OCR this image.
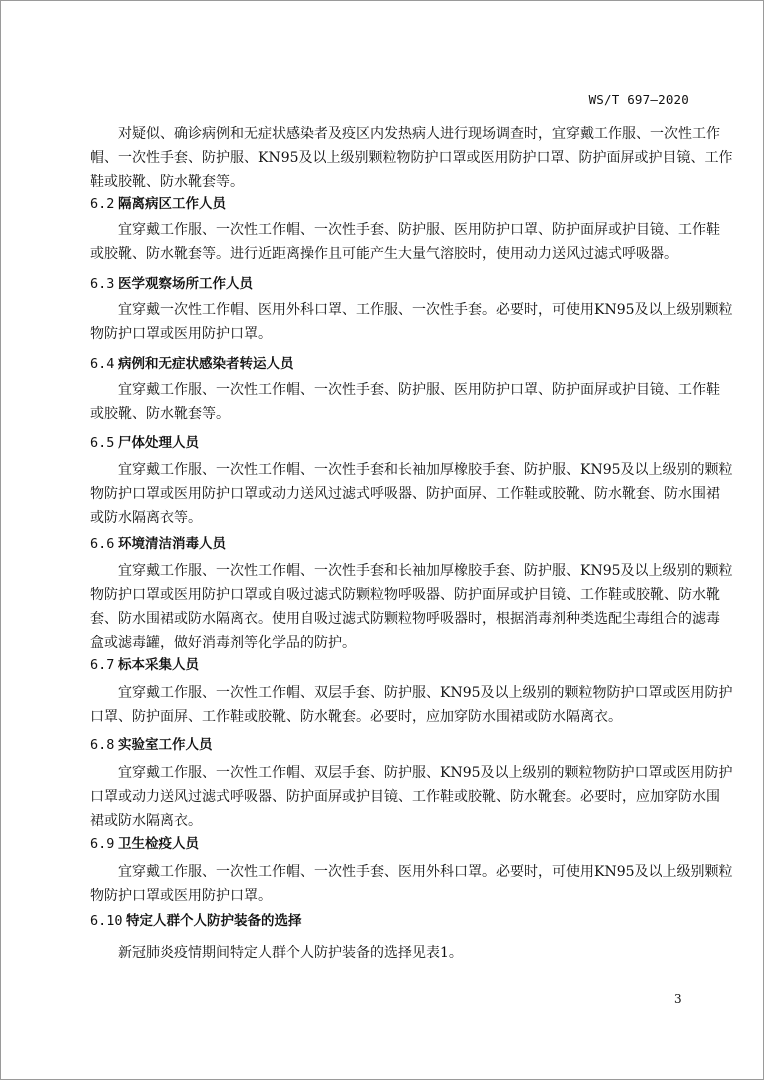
WS/T 697—2020
对疑似、确诊病例和无症状感染者及疫区内发热病人进行现场调查时，宜穿戴工作服、一次性工作
帽、一次性手套、防护服、KN95及以上级别颗粒物防护口罩或医用防护口罩、防护面屏或护目镜、工作
鞋或胶靴、防水靴套等。
6.2 隔离病区工作人员
宜穿戴工作服、一次性工作帽、一次性手套、防护服、医用防护口罩、防护面屏或护目镜、工作鞋
或胶靴、防水靴套等。进行近距离操作且可能产生大量气溶胶时，使用动力送风过滤式呼吸器。
6.3 医学观察场所工作人员
宜穿戴一次性工作帽、医用外科口罩、工作服、一次性手套。必要时，可使用KN95及以上级别颗粒
物防护口罩或医用防护口罩。
6.4 病例和无症状感染者转运人员
宜穿戴工作服、一次性工作帽、一次性手套、防护服、医用防护口罩、防护面屏或护目镜、工作鞋
或胶靴、防水靴套等。
6.5 尸体处理人员
宜穿戴工作服、一次性工作帽、一次性手套和长袖加厚橡胶手套、防护服、KN95及以上级别的颗粒
物防护口罩或医用防护口罩或动力送风过滤式呼吸器、防护面屏、工作鞋或胶靴、防水靴套、防水围裙
或防水隔离衣等。
6.6 环境清洁消毒人员
宜穿戴工作服、一次性工作帽、一次性手套和长袖加厚橡胶手套、防护服、KN95及以上级别的颗粒
物防护口罩或医用防护口罩或自吸过滤式防颗粒物呼吸器、防护面屏或护目镜、工作鞋或胶靴、防水靴
套、防水围裙或防水隔离衣。使用自吸过滤式防颗粒物呼吸器时，根据消毒剂种类选配尘毒组合的滤毒
盒或滤毒罐，做好消毒剂等化学品的防护。
6.7 标本采集人员
宜穿戴工作服、一次性工作帽、双层手套、防护服、KN95及以上级别的颗粒物防护口罩或医用防护
口罩、防护面屏、工作鞋或胶靴、防水靴套。必要时，应加穿防水围裙或防水隔离衣。
6.8 实验室工作人员
宜穿戴工作服、一次性工作帽、双层手套、防护服、KN95及以上级别的颗粒物防护口罩或医用防护
口罩或动力送风过滤式呼吸器、防护面屏或护目镜、工作鞋或胶靴、防水靴套。必要时，应加穿防水围
裙或防水隔离衣。
6.9 卫生检疫人员
宜穿戴工作服、一次性工作帽、一次性手套、医用外科口罩。必要时，可使用KN95及以上级别颗粒
物防护口罩或医用防护口罩。
6.10 特定人群个人防护装备的选择
新冠肺炎疫情期间特定人群个人防护装备的选择见表1。
3
